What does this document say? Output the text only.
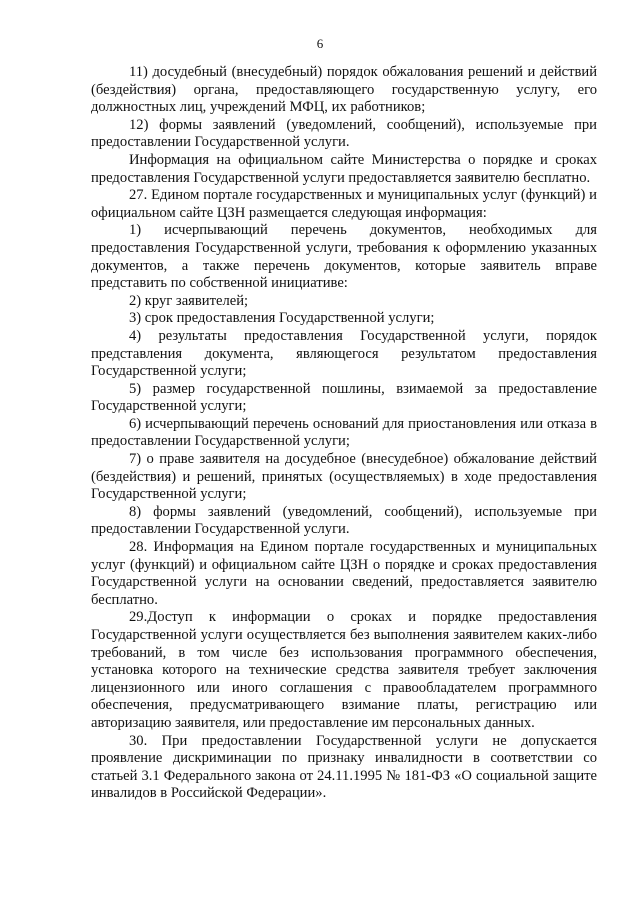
6

11) досудебный (внесудебный) порядок обжалования решений и действий (бездействия) органа, предоставляющего государственную услугу, его должностных лиц, учреждений МФЦ, их работников;

12) формы заявлений (уведомлений, сообщений), используемые при предоставлении Государственной услуги.

Информация на официальном сайте Министерства о порядке и сроках предоставления Государственной услуги предоставляется заявителю бесплатно.

27. Едином портале государственных и муниципальных услуг (функций) и официальном сайте ЦЗН размещается следующая информация:

1) исчерпывающий перечень документов, необходимых для предоставления Государственной услуги, требования к оформлению указанных документов, а также перечень документов, которые заявитель вправе представить по собственной инициативе:

2) круг заявителей;

3) срок предоставления Государственной услуги;

4) результаты предоставления Государственной услуги, порядок представления документа, являющегося результатом предоставления Государственной услуги;

5) размер государственной пошлины, взимаемой за предоставление Государственной услуги;

6) исчерпывающий перечень оснований для приостановления или отказа в предоставлении Государственной услуги;

7) о праве заявителя на досудебное (внесудебное) обжалование действий (бездействия) и решений, принятых (осуществляемых) в ходе предоставления Государственной услуги;

8) формы заявлений (уведомлений, сообщений), используемые при предоставлении Государственной услуги.

28. Информация на Едином портале государственных и муниципальных услуг (функций) и официальном сайте ЦЗН о порядке и сроках предоставления Государственной услуги на основании сведений, предоставляется заявителю бесплатно.

29.Доступ к информации о сроках и порядке предоставления Государственной услуги осуществляется без выполнения заявителем каких-либо требований, в том числе без использования программного обеспечения, установка которого на технические средства заявителя требует заключения лицензионного или иного соглашения с правообладателем программного обеспечения, предусматривающего взимание платы, регистрацию или авторизацию заявителя, или предоставление им персональных данных.

30. При предоставлении Государственной услуги не допускается проявление дискриминации по признаку инвалидности в соответствии со статьей 3.1 Федерального закона от 24.11.1995 № 181-ФЗ «О социальной защите инвалидов в Российской Федерации».
